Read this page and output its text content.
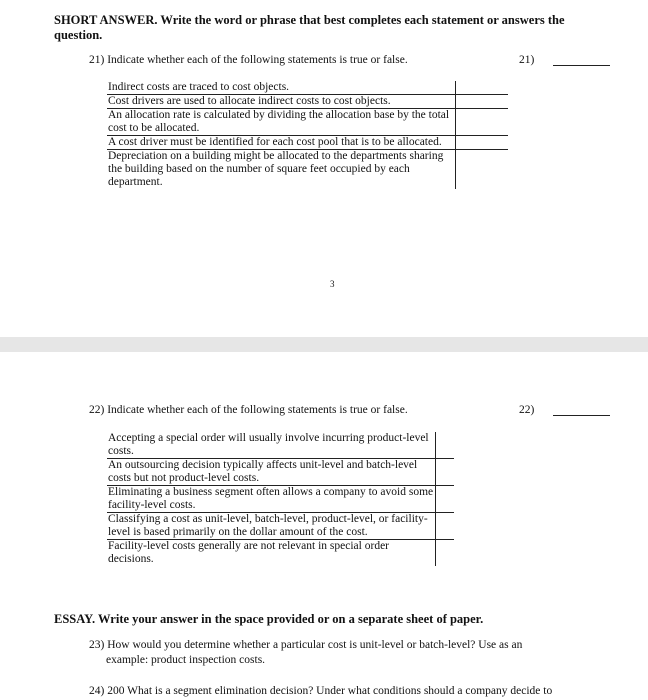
SHORT ANSWER. Write the word or phrase that best completes each statement or answers the question.
21) Indicate whether each of the following statements is true or false.	21)
Indirect costs are traced to cost objects.	
Cost drivers are used to allocate indirect costs to cost objects.	
An allocation rate is calculated by dividing the allocation base by the total cost to be allocated.	
A cost driver must be identified for each cost pool that is to be allocated.	
Depreciation on a building might be allocated to the departments sharing the building based on the number of square feet occupied by each department.	
3
22) Indicate whether each of the following statements is true or false.	22)
Accepting a special order will usually involve incurring product-level costs.	
An outsourcing decision typically affects unit-level and batch-level costs but not product-level costs.	
Eliminating a business segment often allows a company to avoid some facility-level costs.	
Classifying a cost as unit-level, batch-level, product-level, or facility-level is based primarily on the dollar amount of the cost.	
Facility-level costs generally are not relevant in special order decisions.	
ESSAY. Write your answer in the space provided or on a separate sheet of paper.
23) How would you determine whether a particular cost is unit-level or batch-level? Use as an
example: product inspection costs.
24) 200 What is a segment elimination decision? Under what conditions should a company decide to
